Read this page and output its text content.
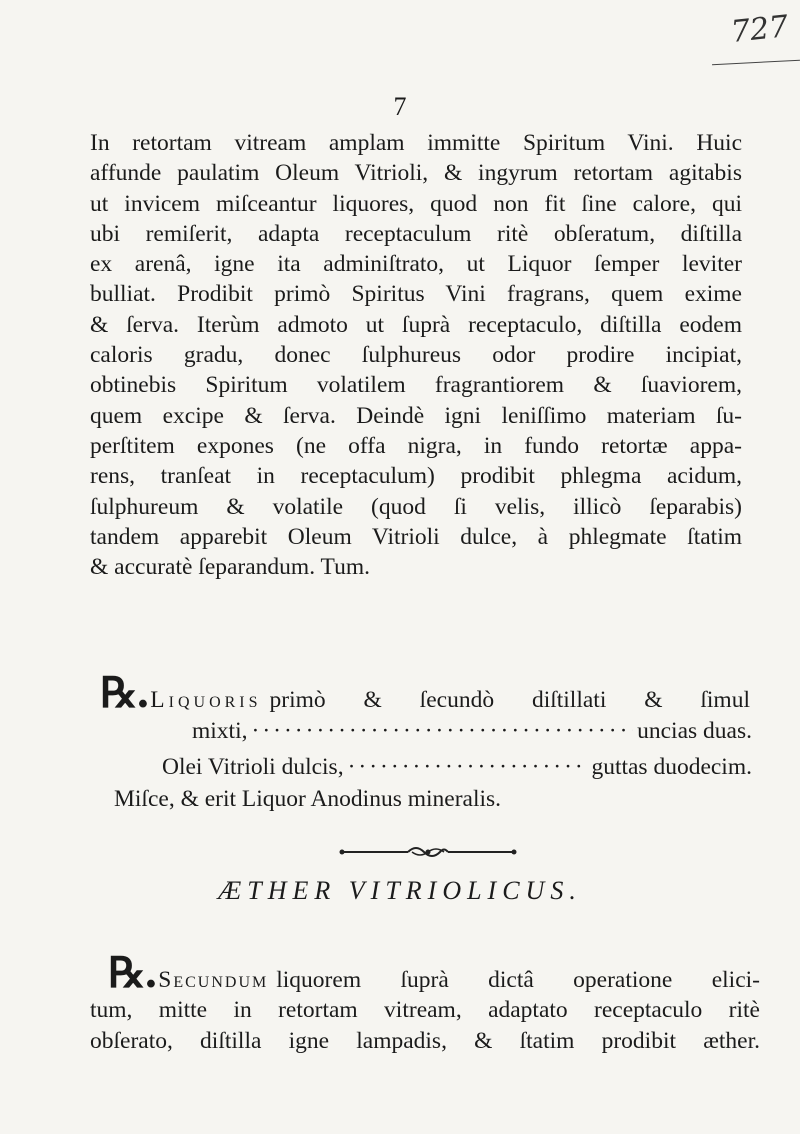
727
7
In retortam vitream amplam immitte Spiritum Vini. Huic
affunde paulatim Oleum Vitrioli, & ingyrum retortam agitabis
ut invicem miſceantur liquores, quod non fit ſine calore, qui
ubi remiſerit, adapta receptaculum ritè obſeratum, diſtilla
ex arenâ, igne ita adminiſtrato, ut Liquor ſemper leviter
bulliat. Prodibit primò Spiritus Vini fragrans, quem exime
& ſerva. Iterùm admoto ut ſuprà receptaculo, diſtilla eodem
caloris gradu, donec ſulphureus odor prodire incipiat,
obtinebis Spiritum volatilem fragrantiorem & ſuaviorem,
quem excipe & ſerva. Deindè igni leniſſimo materiam ſu-
perſtitem expones (ne offa nigra, in fundo retortæ appa-
rens, tranſeat in receptaculum) prodibit phlegma acidum,
ſulphureum & volatile (quod ſi velis, illicò ſeparabis)
tandem apparebit Oleum Vitrioli dulce, à phlegmate ſtatim
& accuratè ſeparandum. Tum.
℞. Liquoris primò & ſecundò diſtillati & ſimul
mixti, ·····	uncias duas.
Olei Vitrioli dulcis, ·····	guttas duodecim.
Miſce, & erit Liquor Anodinus mineralis.
ÆTHER VITRIOLICUS.
℞. Secundum liquorem ſuprà dictâ operatione elici-
tum, mitte in retortam vitream, adaptato receptaculo ritè
obſerato, diſtilla igne lampadis, & ſtatim prodibit æther.
